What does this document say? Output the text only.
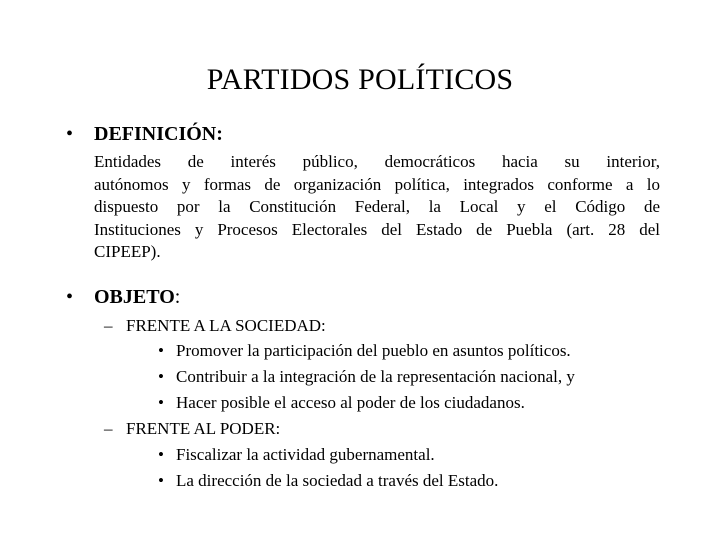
PARTIDOS POLÍTICOS
•	DEFINICIÓN:
Entidades de interés público, democráticos hacia su interior,
autónomos y formas de organización política, integrados conforme a lo
dispuesto por la Constitución Federal, la Local y el Código de
Instituciones y Procesos Electorales del Estado de Puebla (art. 28 del
CIPEEP).
•	OBJETO:
– FRENTE A LA SOCIEDAD:
• Promover la participación del pueblo en asuntos políticos.
• Contribuir a la integración de la representación nacional, y
• Hacer posible el acceso al poder de los ciudadanos.
– FRENTE AL PODER:
• Fiscalizar la actividad gubernamental.
• La dirección de la sociedad a través del Estado.
